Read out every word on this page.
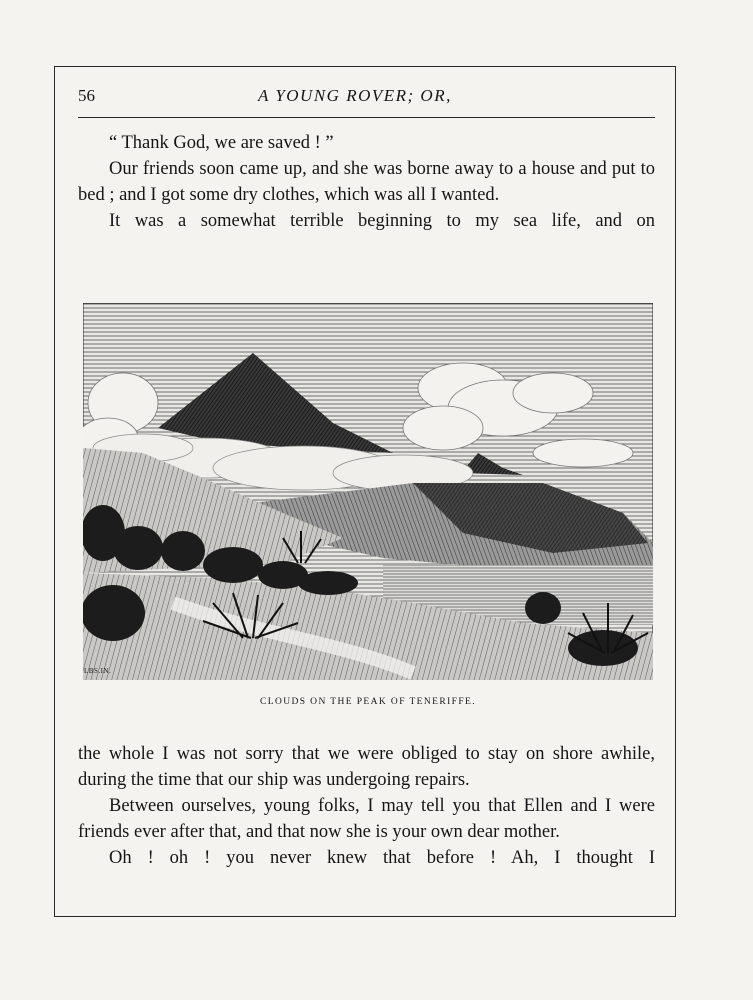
56	A YOUNG ROVER; OR,

“ Thank God, we are saved ! ”

Our friends soon came up, and she was borne away to a house and put to bed ; and I got some dry clothes, which was all I wanted.

It was a somewhat terrible beginning to my sea life, and on

LBS.IN.
CLOUDS ON THE PEAK OF TENERIFFE.

the whole I was not sorry that we were obliged to stay on shore awhile, during the time that our ship was undergoing repairs.

Between ourselves, young folks, I may tell you that Ellen and I were friends ever after that, and that now she is your own dear mother.

Oh ! oh ! you never knew that before ! Ah, I thought I
